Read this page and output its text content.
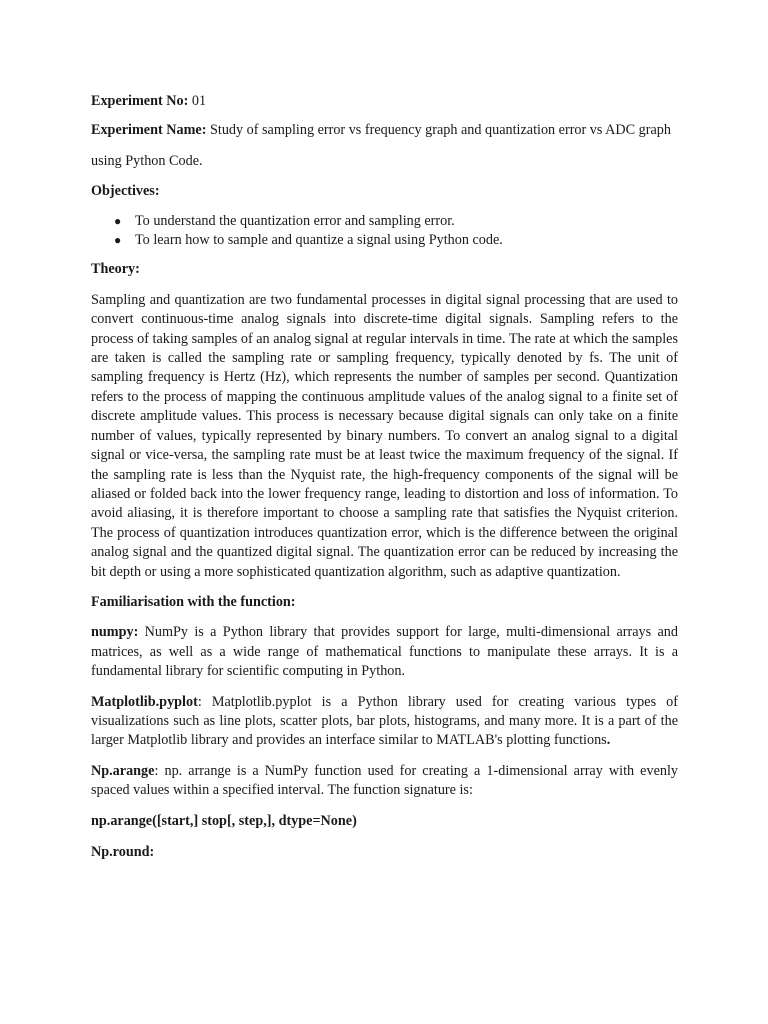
Experiment No: 01

Experiment Name: Study of sampling error vs frequency graph and quantization error vs ADC graph

using Python Code.

Objectives:

● To understand the quantization error and sampling error.
● To learn how to sample and quantize a signal using Python code.

Theory:

Sampling and quantization are two fundamental processes in digital signal processing that are used to convert continuous-time analog signals into discrete-time digital signals. Sampling refers to the process of taking samples of an analog signal at regular intervals in time. The rate at which the samples are taken is called the sampling rate or sampling frequency, typically denoted by fs. The unit of sampling frequency is Hertz (Hz), which represents the number of samples per second. Quantization refers to the process of mapping the continuous amplitude values of the analog signal to a finite set of discrete amplitude values. This process is necessary because digital signals can only take on a finite number of values, typically represented by binary numbers. To convert an analog signal to a digital signal or vice-versa, the sampling rate must be at least twice the maximum frequency of the signal. If the sampling rate is less than the Nyquist rate, the high-frequency components of the signal will be aliased or folded back into the lower frequency range, leading to distortion and loss of information. To avoid aliasing, it is therefore important to choose a sampling rate that satisfies the Nyquist criterion. The process of quantization introduces quantization error, which is the difference between the original analog signal and the quantized digital signal. The quantization error can be reduced by increasing the bit depth or using a more sophisticated quantization algorithm, such as adaptive quantization.

Familiarisation with the function:

numpy: NumPy is a Python library that provides support for large, multi-dimensional arrays and matrices, as well as a wide range of mathematical functions to manipulate these arrays. It is a fundamental library for scientific computing in Python.

Matplotlib.pyplot: Matplotlib.pyplot is a Python library used for creating various types of visualizations such as line plots, scatter plots, bar plots, histograms, and many more. It is a part of the larger Matplotlib library and provides an interface similar to MATLAB's plotting functions.

Np.arange: np. arrange is a NumPy function used for creating a 1-dimensional array with evenly spaced values within a specified interval. The function signature is:

np.arange([start,] stop[, step,], dtype=None)

Np.round:
